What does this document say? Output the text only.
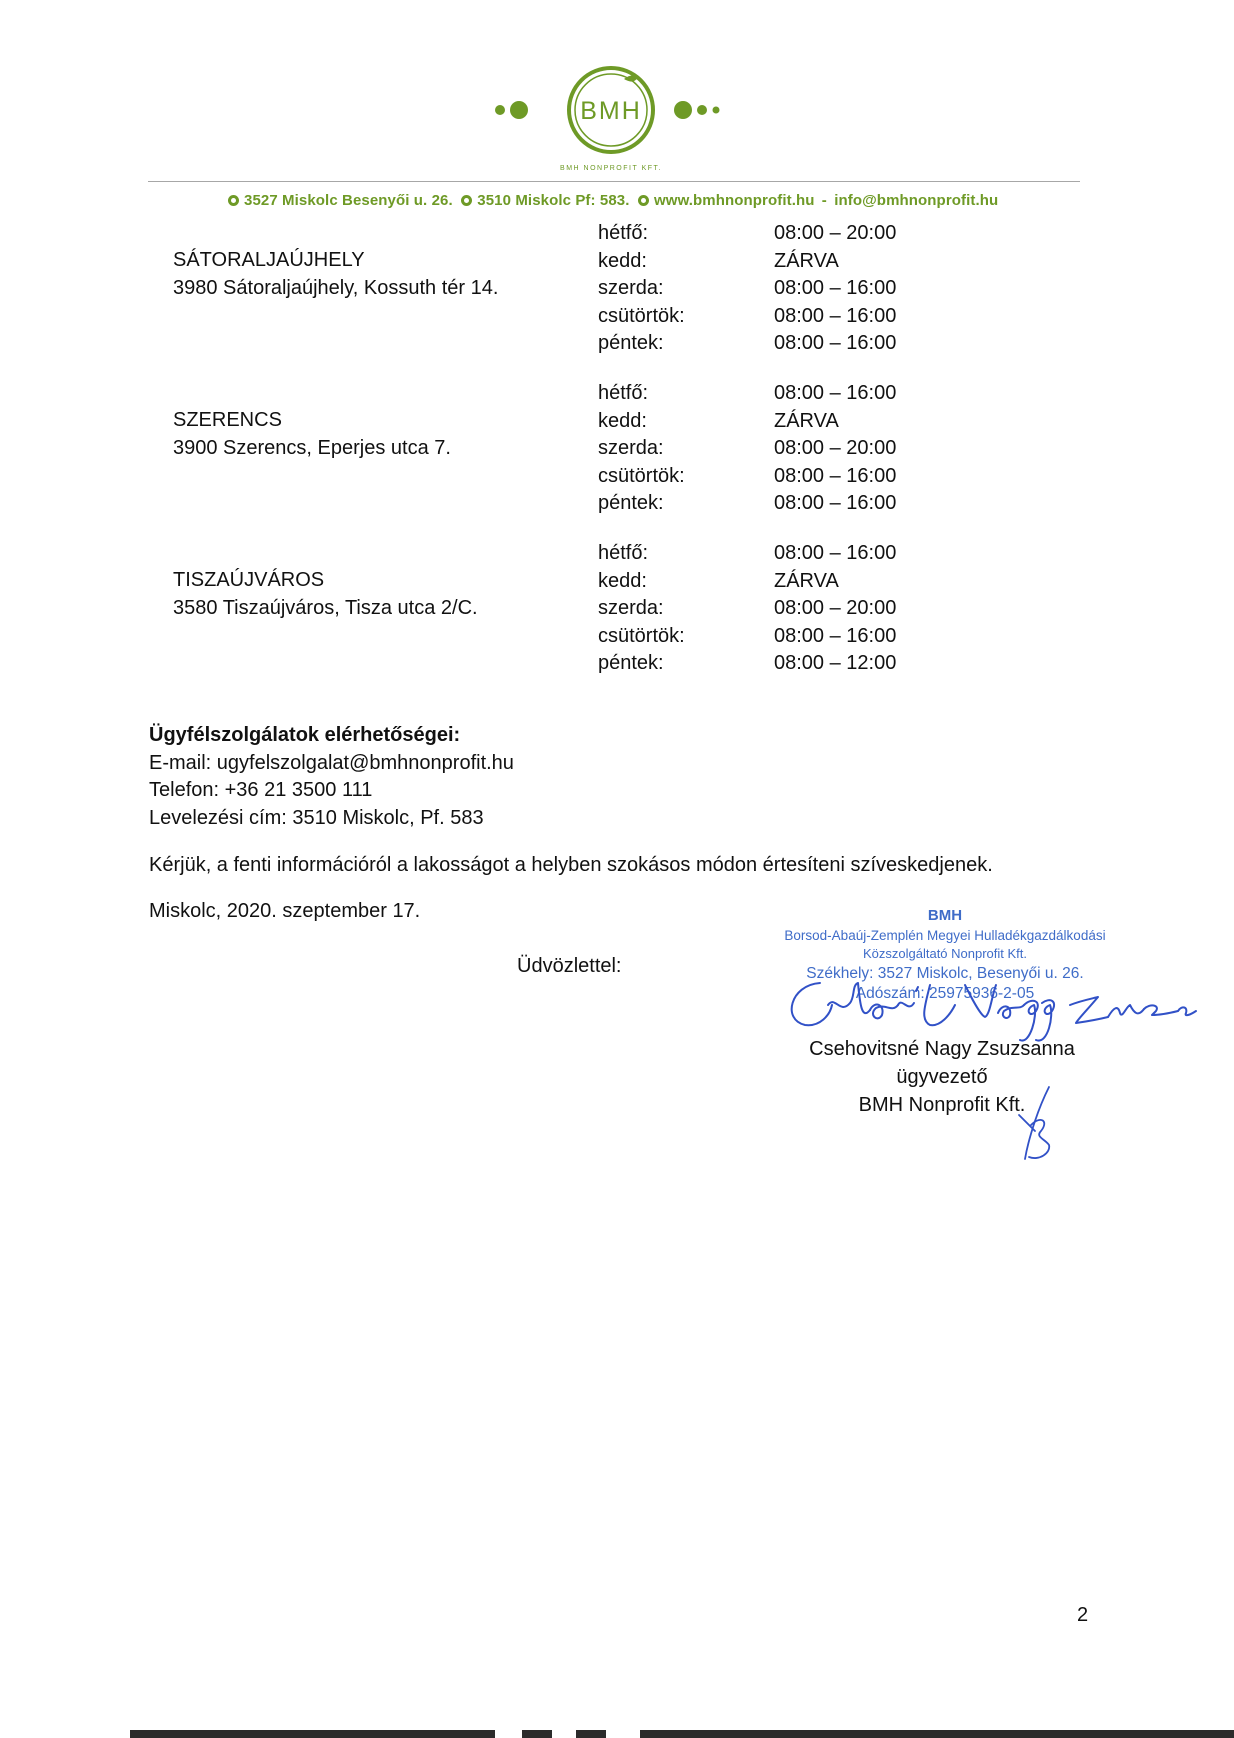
BMH
BMH NONPROFIT KFT.
3527 Miskolc Besenyői u. 26. 3510 Miskolc Pf: 583. www.bmhnonprofit.hu - info@bmhnonprofit.hu
SÁTORALJAÚJHELY
3980 Sátoraljaújhely, Kossuth tér 14.
hétfő:	08:00 – 20:00
kedd:	ZÁRVA
szerda:	08:00 – 16:00
csütörtök:	08:00 – 16:00
péntek:	08:00 – 16:00
SZERENCS
3900 Szerencs, Eperjes utca 7.
hétfő:	08:00 – 16:00
kedd:	ZÁRVA
szerda:	08:00 – 20:00
csütörtök:	08:00 – 16:00
péntek:	08:00 – 16:00
TISZAÚJVÁROS
3580 Tiszaújváros, Tisza utca 2/C.
hétfő:	08:00 – 16:00
kedd:	ZÁRVA
szerda:	08:00 – 20:00
csütörtök:	08:00 – 16:00
péntek:	08:00 – 12:00
Ügyfélszolgálatok elérhetőségei:
E-mail: ugyfelszolgalat@bmhnonprofit.hu
Telefon: +36 21 3500 111
Levelezési cím: 3510 Miskolc, Pf. 583
Kérjük, a fenti információról a lakosságot a helyben szokásos módon értesíteni szíveskedjenek.
Miskolc, 2020. szeptember 17.
Üdvözlettel:
BMH
Borsod-Abaúj-Zemplén Megyei Hulladékgazdálkodási
Közszolgáltató Nonprofit Kft.
Székhely: 3527 Miskolc, Besenyői u. 26.
Adószám: 25975936-2-05
Csehovitsné Nagy Zsuzsanna
ügyvezető
BMH Nonprofit Kft.
2
